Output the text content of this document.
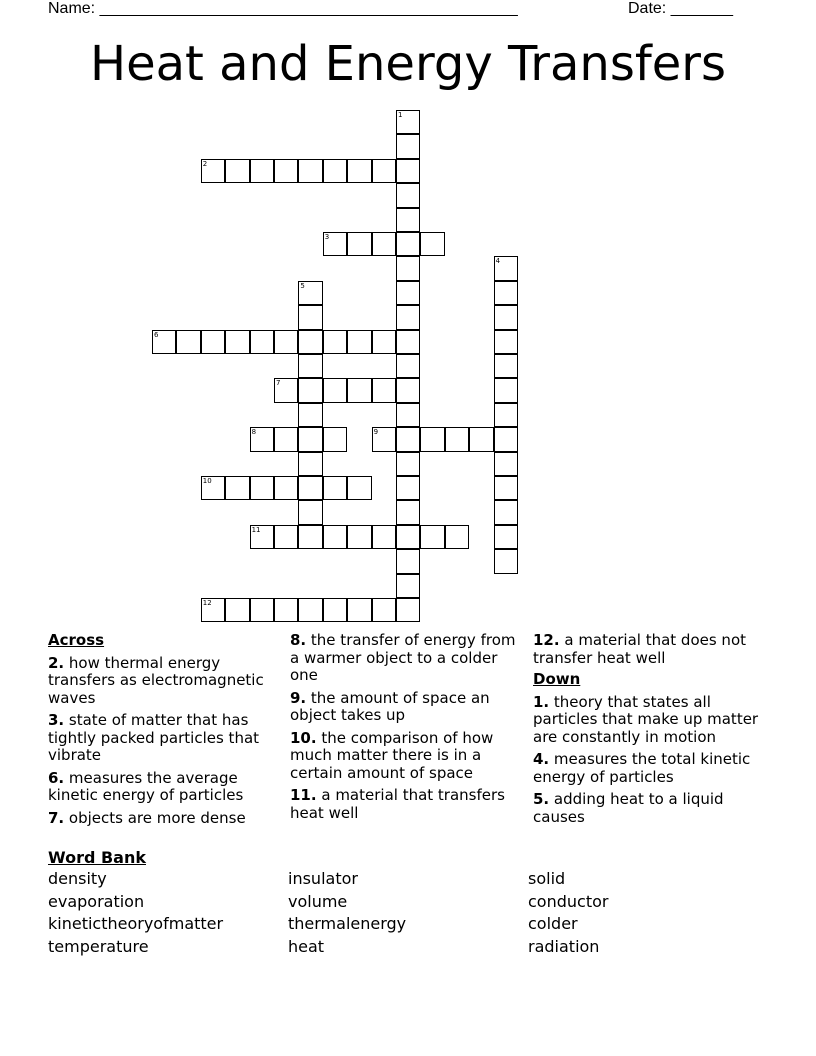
Name: _______________________________________________	Date: _______
Heat and Energy Transfers
1
2
3
4
5
6
7
8	9
10
11
12
Across
2. how thermal energy transfers as electromagnetic waves
3. state of matter that has tightly packed particles that vibrate
6. measures the average kinetic energy of particles
7. objects are more dense
8. the transfer of energy from a warmer object to a colder one
9. the amount of space an object takes up
10. the comparison of how much matter there is in a certain amount of space
11. a material that transfers heat well
12. a material that does not transfer heat well
Down
1. theory that states all particles that make up matter are constantly in motion
4. measures the total kinetic energy of particles
5. adding heat to a liquid causes
Word Bank
density
evaporation
kinetictheoryofmatter
temperature
insulator
volume
thermalenergy
heat
solid
conductor
colder
radiation
